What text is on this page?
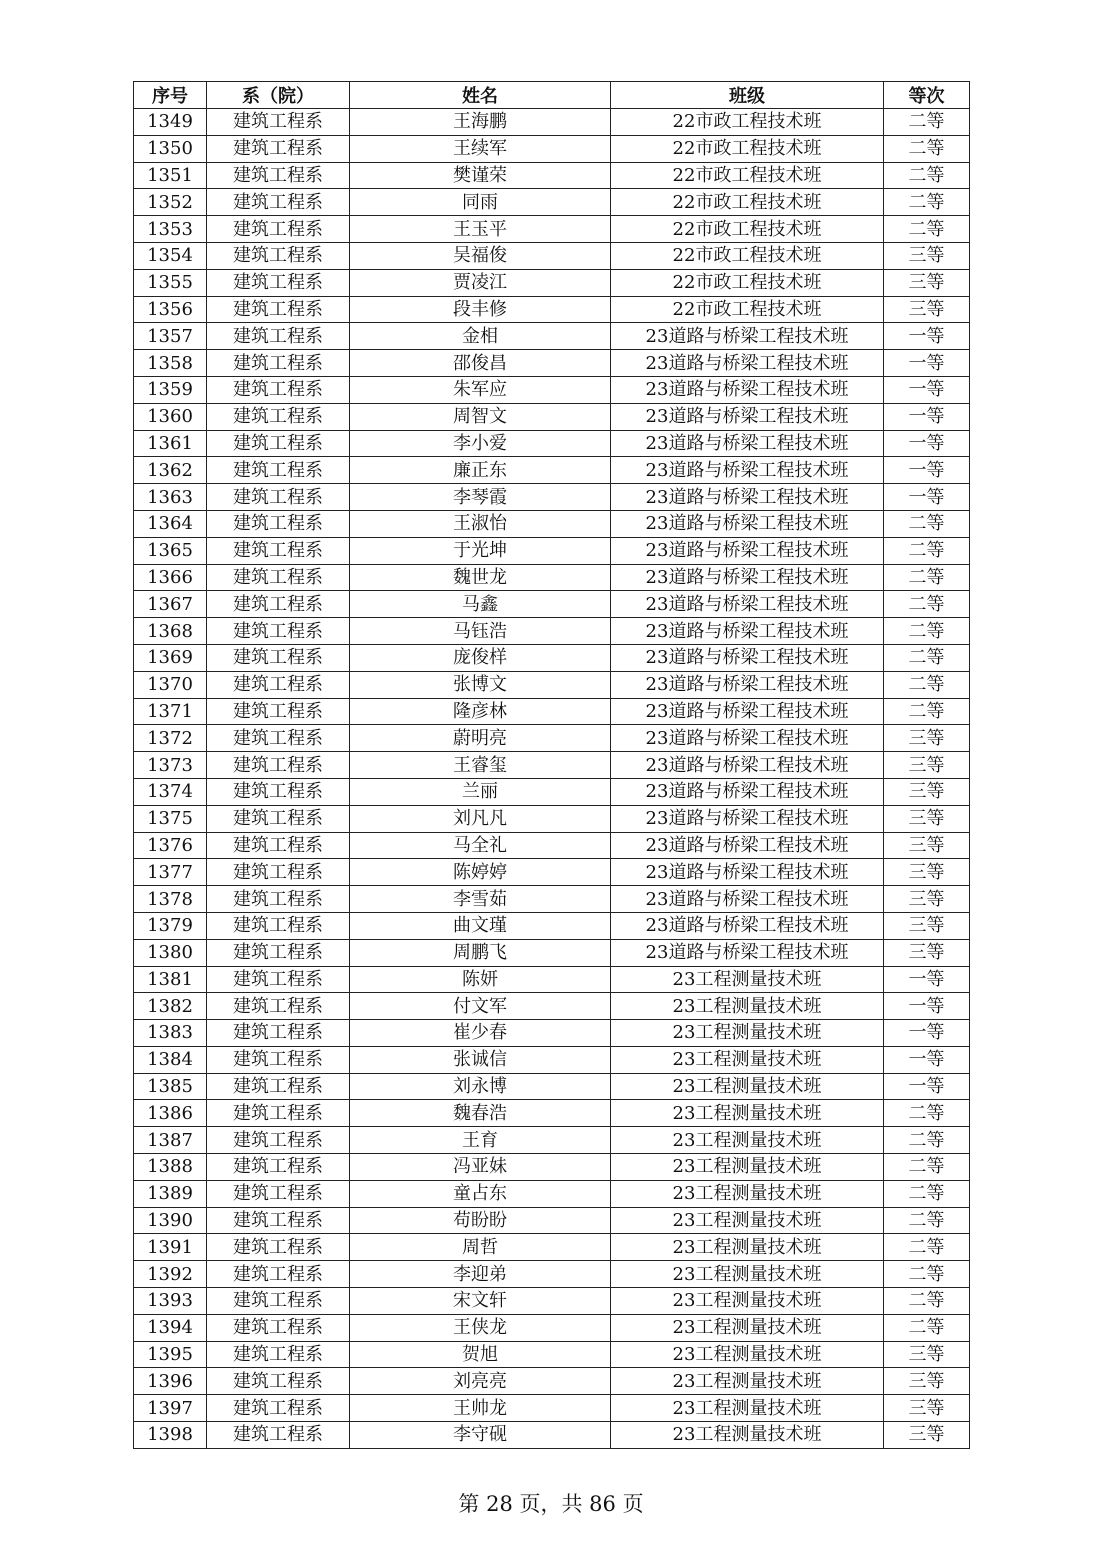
序号	系（院）	姓名	班级	等次
1349	建筑工程系	王海鹏	22市政工程技术班	二等
1350	建筑工程系	王续军	22市政工程技术班	二等
1351	建筑工程系	樊谨荣	22市政工程技术班	二等
1352	建筑工程系	同雨	22市政工程技术班	二等
1353	建筑工程系	王玉平	22市政工程技术班	二等
1354	建筑工程系	吴福俊	22市政工程技术班	三等
1355	建筑工程系	贾凌江	22市政工程技术班	三等
1356	建筑工程系	段丰修	22市政工程技术班	三等
1357	建筑工程系	金相	23道路与桥梁工程技术班	一等
1358	建筑工程系	邵俊昌	23道路与桥梁工程技术班	一等
1359	建筑工程系	朱军应	23道路与桥梁工程技术班	一等
1360	建筑工程系	周智文	23道路与桥梁工程技术班	一等
1361	建筑工程系	李小爱	23道路与桥梁工程技术班	一等
1362	建筑工程系	廉正东	23道路与桥梁工程技术班	一等
1363	建筑工程系	李琴霞	23道路与桥梁工程技术班	一等
1364	建筑工程系	王淑怡	23道路与桥梁工程技术班	二等
1365	建筑工程系	于光坤	23道路与桥梁工程技术班	二等
1366	建筑工程系	魏世龙	23道路与桥梁工程技术班	二等
1367	建筑工程系	马鑫	23道路与桥梁工程技术班	二等
1368	建筑工程系	马钰浩	23道路与桥梁工程技术班	二等
1369	建筑工程系	庞俊样	23道路与桥梁工程技术班	二等
1370	建筑工程系	张博文	23道路与桥梁工程技术班	二等
1371	建筑工程系	隆彦林	23道路与桥梁工程技术班	二等
1372	建筑工程系	蔚明亮	23道路与桥梁工程技术班	三等
1373	建筑工程系	王睿玺	23道路与桥梁工程技术班	三等
1374	建筑工程系	兰丽	23道路与桥梁工程技术班	三等
1375	建筑工程系	刘凡凡	23道路与桥梁工程技术班	三等
1376	建筑工程系	马全礼	23道路与桥梁工程技术班	三等
1377	建筑工程系	陈婷婷	23道路与桥梁工程技术班	三等
1378	建筑工程系	李雪茹	23道路与桥梁工程技术班	三等
1379	建筑工程系	曲文瑾	23道路与桥梁工程技术班	三等
1380	建筑工程系	周鹏飞	23道路与桥梁工程技术班	三等
1381	建筑工程系	陈妍	23工程测量技术班	一等
1382	建筑工程系	付文军	23工程测量技术班	一等
1383	建筑工程系	崔少春	23工程测量技术班	一等
1384	建筑工程系	张诚信	23工程测量技术班	一等
1385	建筑工程系	刘永博	23工程测量技术班	一等
1386	建筑工程系	魏春浩	23工程测量技术班	二等
1387	建筑工程系	王育	23工程测量技术班	二等
1388	建筑工程系	冯亚妹	23工程测量技术班	二等
1389	建筑工程系	童占东	23工程测量技术班	二等
1390	建筑工程系	苟盼盼	23工程测量技术班	二等
1391	建筑工程系	周哲	23工程测量技术班	二等
1392	建筑工程系	李迎弟	23工程测量技术班	二等
1393	建筑工程系	宋文轩	23工程测量技术班	二等
1394	建筑工程系	王侠龙	23工程测量技术班	二等
1395	建筑工程系	贺旭	23工程测量技术班	三等
1396	建筑工程系	刘亮亮	23工程测量技术班	三等
1397	建筑工程系	王帅龙	23工程测量技术班	三等
1398	建筑工程系	李守砚	23工程测量技术班	三等
第 28 页，共 86 页
